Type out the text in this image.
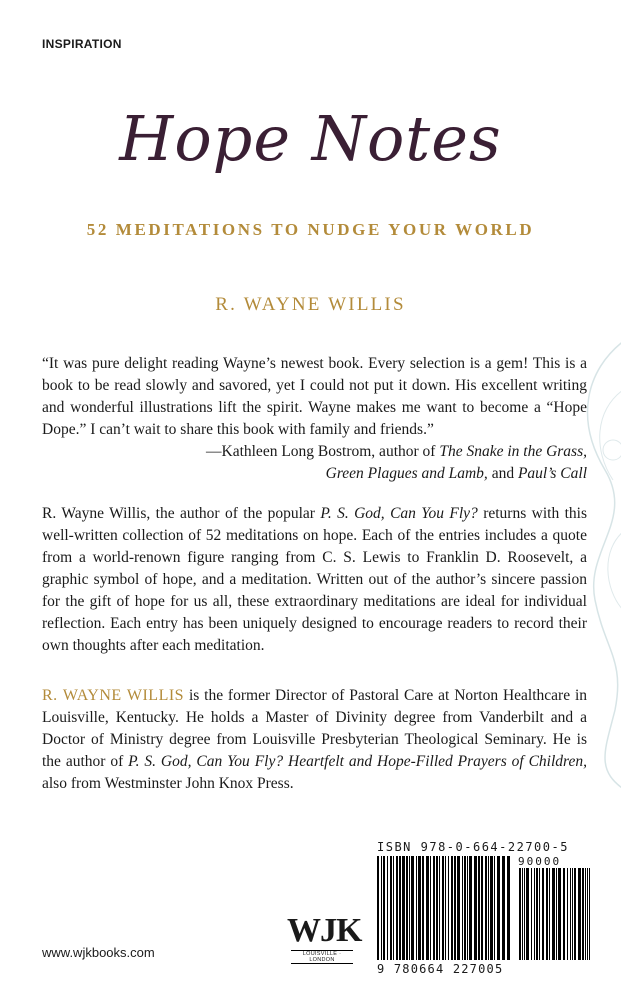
INSPIRATION
Hope Notes
52 MEDITATIONS TO NUDGE YOUR WORLD
R. WAYNE WILLIS
“It was pure delight reading Wayne’s newest book. Every selection is a gem! This is a book to be read slowly and savored, yet I could not put it down. His excellent writing and wonderful illustrations lift the spirit. Wayne makes me want to become a “Hope Dope.” I can’t wait to share this book with family and friends.”
—Kathleen Long Bostrom, author of The Snake in the Grass,
Green Plagues and Lamb, and Paul’s Call
R. Wayne Willis, the author of the popular P. S. God, Can You Fly? returns with this well-written collection of 52 meditations on hope. Each of the entries includes a quote from a world-renown figure ranging from C. S. Lewis to Franklin D. Roosevelt, a graphic symbol of hope, and a meditation. Written out of the author’s sincere passion for the gift of hope for us all, these extraordinary meditations are ideal for individual reflection. Each entry has been uniquely designed to encourage readers to record their own thoughts after each meditation.
R. WAYNE WILLIS is the former Director of Pastoral Care at Norton Healthcare in Louisville, Kentucky. He holds a Master of Divinity degree from Vanderbilt and a Doctor of Ministry degree from Louisville Presbyterian Theological Seminary. He is the author of P. S. God, Can You Fly? Heartfelt and Hope-Filled Prayers of Children, also from Westminster John Knox Press.
www.wjkbooks.com
WJK
LOUISVILLE · LONDON
ISBN 978-0-664-22700-5
90000
9 780664 227005
